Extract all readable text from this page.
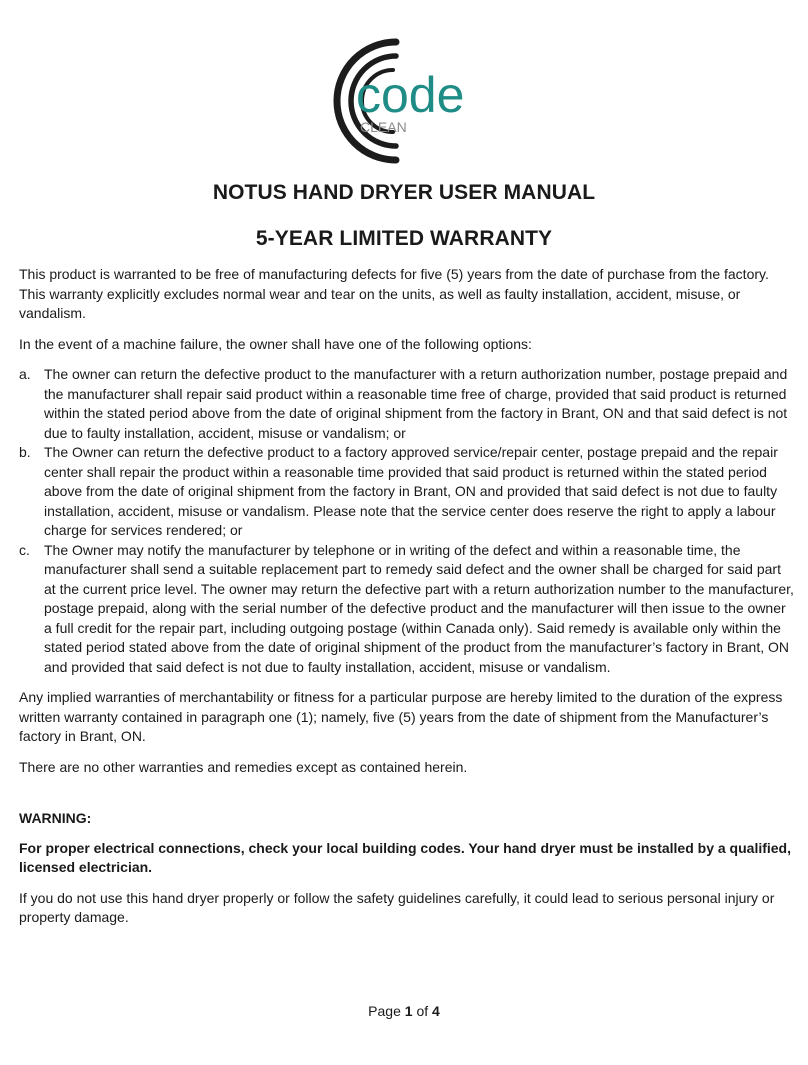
code
CLEAN
NOTUS HAND DRYER USER MANUAL
5-YEAR LIMITED WARRANTY

This product is warranted to be free of manufacturing defects for five (5) years from the date of purchase from the factory. This warranty explicitly excludes normal wear and tear on the units, as well as faulty installation, accident, misuse, or vandalism.

In the event of a machine failure, the owner shall have one of the following options:

a. The owner can return the defective product to the manufacturer with a return authorization number, postage prepaid and the manufacturer shall repair said product within a reasonable time free of charge, provided that said product is returned within the stated period above from the date of original shipment from the factory in Brant, ON and that said defect is not due to faulty installation, accident, misuse or vandalism; or
b. The Owner can return the defective product to a factory approved service/repair center, postage prepaid and the repair center shall repair the product within a reasonable time provided that said product is returned within the stated period above from the date of original shipment from the factory in Brant, ON and provided that said defect is not due to faulty installation, accident, misuse or vandalism. Please note that the service center does reserve the right to apply a labour charge for services rendered; or
c. The Owner may notify the manufacturer by telephone or in writing of the defect and within a reasonable time, the manufacturer shall send a suitable replacement part to remedy said defect and the owner shall be charged for said part at the current price level. The owner may return the defective part with a return authorization number to the manufacturer, postage prepaid, along with the serial number of the defective product and the manufacturer will then issue to the owner a full credit for the repair part, including outgoing postage (within Canada only). Said remedy is available only within the stated period stated above from the date of original shipment of the product from the manufacturer’s factory in Brant, ON and provided that said defect is not due to faulty installation, accident, misuse or vandalism.

Any implied warranties of merchantability or fitness for a particular purpose are hereby limited to the duration of the express written warranty contained in paragraph one (1); namely, five (5) years from the date of shipment from the Manufacturer’s factory in Brant, ON.

There are no other warranties and remedies except as contained herein.

WARNING:

For proper electrical connections, check your local building codes. Your hand dryer must be installed by a qualified, licensed electrician.

If you do not use this hand dryer properly or follow the safety guidelines carefully, it could lead to serious personal injury or property damage.

Page 1 of 4
